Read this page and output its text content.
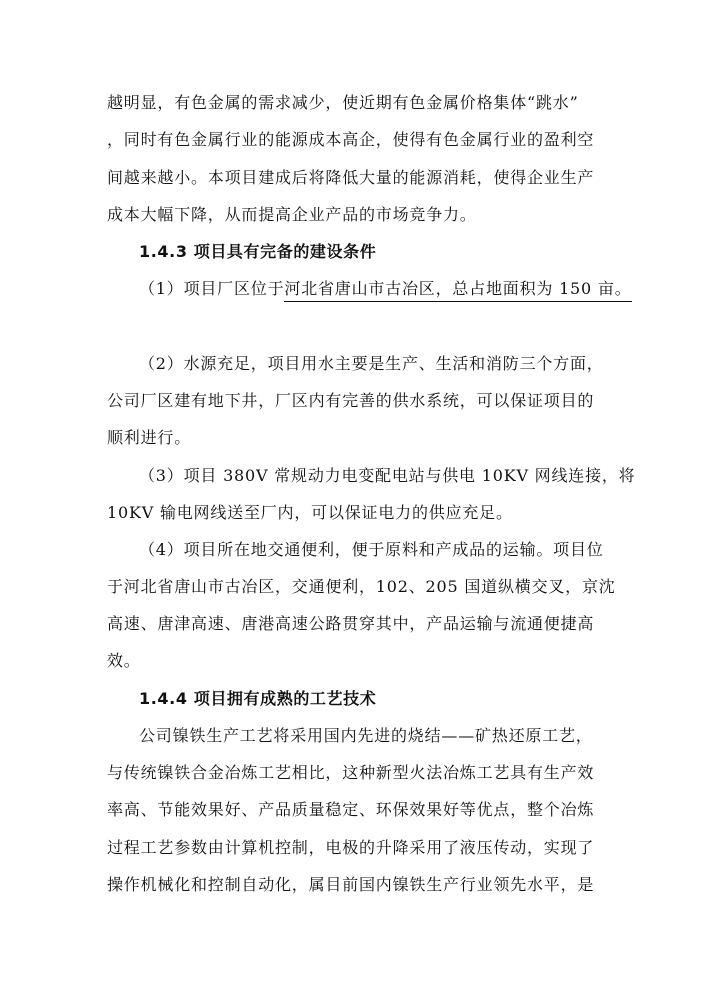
越明显，有色金属的需求减少，使近期有色金属价格集体“跳水”
，同时有色金属行业的能源成本高企，使得有色金属行业的盈利空
间越来越小。本项目建成后将降低大量的能源消耗，使得企业生产
成本大幅下降，从而提高企业产品的市场竞争力。
1.4.3 项目具有完备的建设条件
（1）项目厂区位于河北省唐山市古冶区，总占地面积为 150 亩。
（2）水源充足，项目用水主要是生产、生活和消防三个方面，
公司厂区建有地下井，厂区内有完善的供水系统，可以保证项目的
顺利进行。
（3）项目 380V 常规动力电变配电站与供电 10KV 网线连接，将
10KV 输电网线送至厂内，可以保证电力的供应充足。
（4）项目所在地交通便利，便于原料和产成品的运输。项目位
于河北省唐山市古冶区，交通便利，102、205 国道纵横交叉，京沈
高速、唐津高速、唐港高速公路贯穿其中，产品运输与流通便捷高
效。
1.4.4 项目拥有成熟的工艺技术
公司镍铁生产工艺将采用国内先进的烧结——矿热还原工艺，
与传统镍铁合金冶炼工艺相比，这种新型火法冶炼工艺具有生产效
率高、节能效果好、产品质量稳定、环保效果好等优点，整个冶炼
过程工艺参数由计算机控制，电极的升降采用了液压传动，实现了
操作机械化和控制自动化，属目前国内镍铁生产行业领先水平，是
